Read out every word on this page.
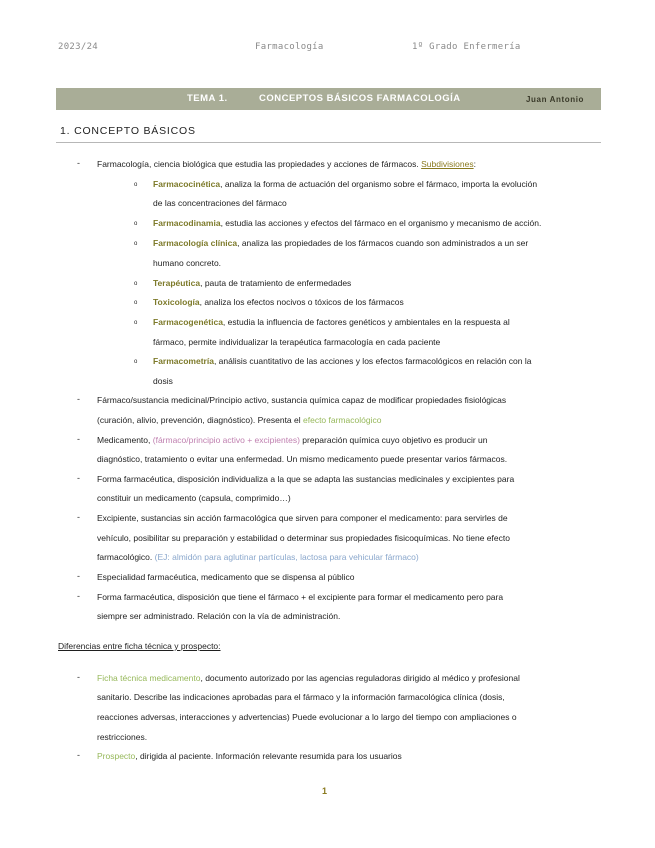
2023/24	Farmacología	1º Grado Enfermería
TEMA 1.	CONCEPTOS BÁSICOS FARMACOLOGÍA	Juan Antonio
1. CONCEPTO BÁSICOS
- Farmacología, ciencia biológica que estudia las propiedades y acciones de fármacos. Subdivisiones:
o Farmacocinética, analiza la forma de actuación del organismo sobre el fármaco, importa la evolución
de las concentraciones del fármaco
o Farmacodinamia, estudia las acciones y efectos del fármaco en el organismo y mecanismo de acción.
o Farmacología clínica, analiza las propiedades de los fármacos cuando son administrados a un ser
humano concreto.
o Terapéutica, pauta de tratamiento de enfermedades
o Toxicología, analiza los efectos nocivos o tóxicos de los fármacos
o Farmacogenética, estudia la influencia de factores genéticos y ambientales en la respuesta al
fármaco, permite individualizar la terapéutica farmacología en cada paciente
o Farmacometría, análisis cuantitativo de las acciones y los efectos farmacológicos en relación con la
dosis
- Fármaco/sustancia medicinal/Principio activo, sustancia química capaz de modificar propiedades fisiológicas
(curación, alivio, prevención, diagnóstico). Presenta el efecto farmacológico
- Medicamento, (fármaco/principio activo + excipientes) preparación química cuyo objetivo es producir un
diagnóstico, tratamiento o evitar una enfermedad. Un mismo medicamento puede presentar varios fármacos.
- Forma farmacéutica, disposición individualiza a la que se adapta las sustancias medicinales y excipientes para
constituir un medicamento (capsula, comprimido…)
- Excipiente, sustancias sin acción farmacológica que sirven para componer el medicamento: para servirles de
vehículo, posibilitar su preparación y estabilidad o determinar sus propiedades fisicoquímicas. No tiene efecto
farmacológico. (EJ: almidón para aglutinar partículas, lactosa para vehicular fármaco)
- Especialidad farmacéutica, medicamento que se dispensa al público
- Forma farmacéutica, disposición que tiene el fármaco + el excipiente para formar el medicamento pero para
siempre ser administrado. Relación con la vía de administración.
Diferencias entre ficha técnica y prospecto:
- Ficha técnica medicamento, documento autorizado por las agencias reguladoras dirigido al médico y profesional
sanitario. Describe las indicaciones aprobadas para el fármaco y la información farmacológica clínica (dosis,
reacciones adversas, interacciones y advertencias) Puede evolucionar a lo largo del tiempo con ampliaciones o
restricciones.
- Prospecto, dirigida al paciente. Información relevante resumida para los usuarios
1
